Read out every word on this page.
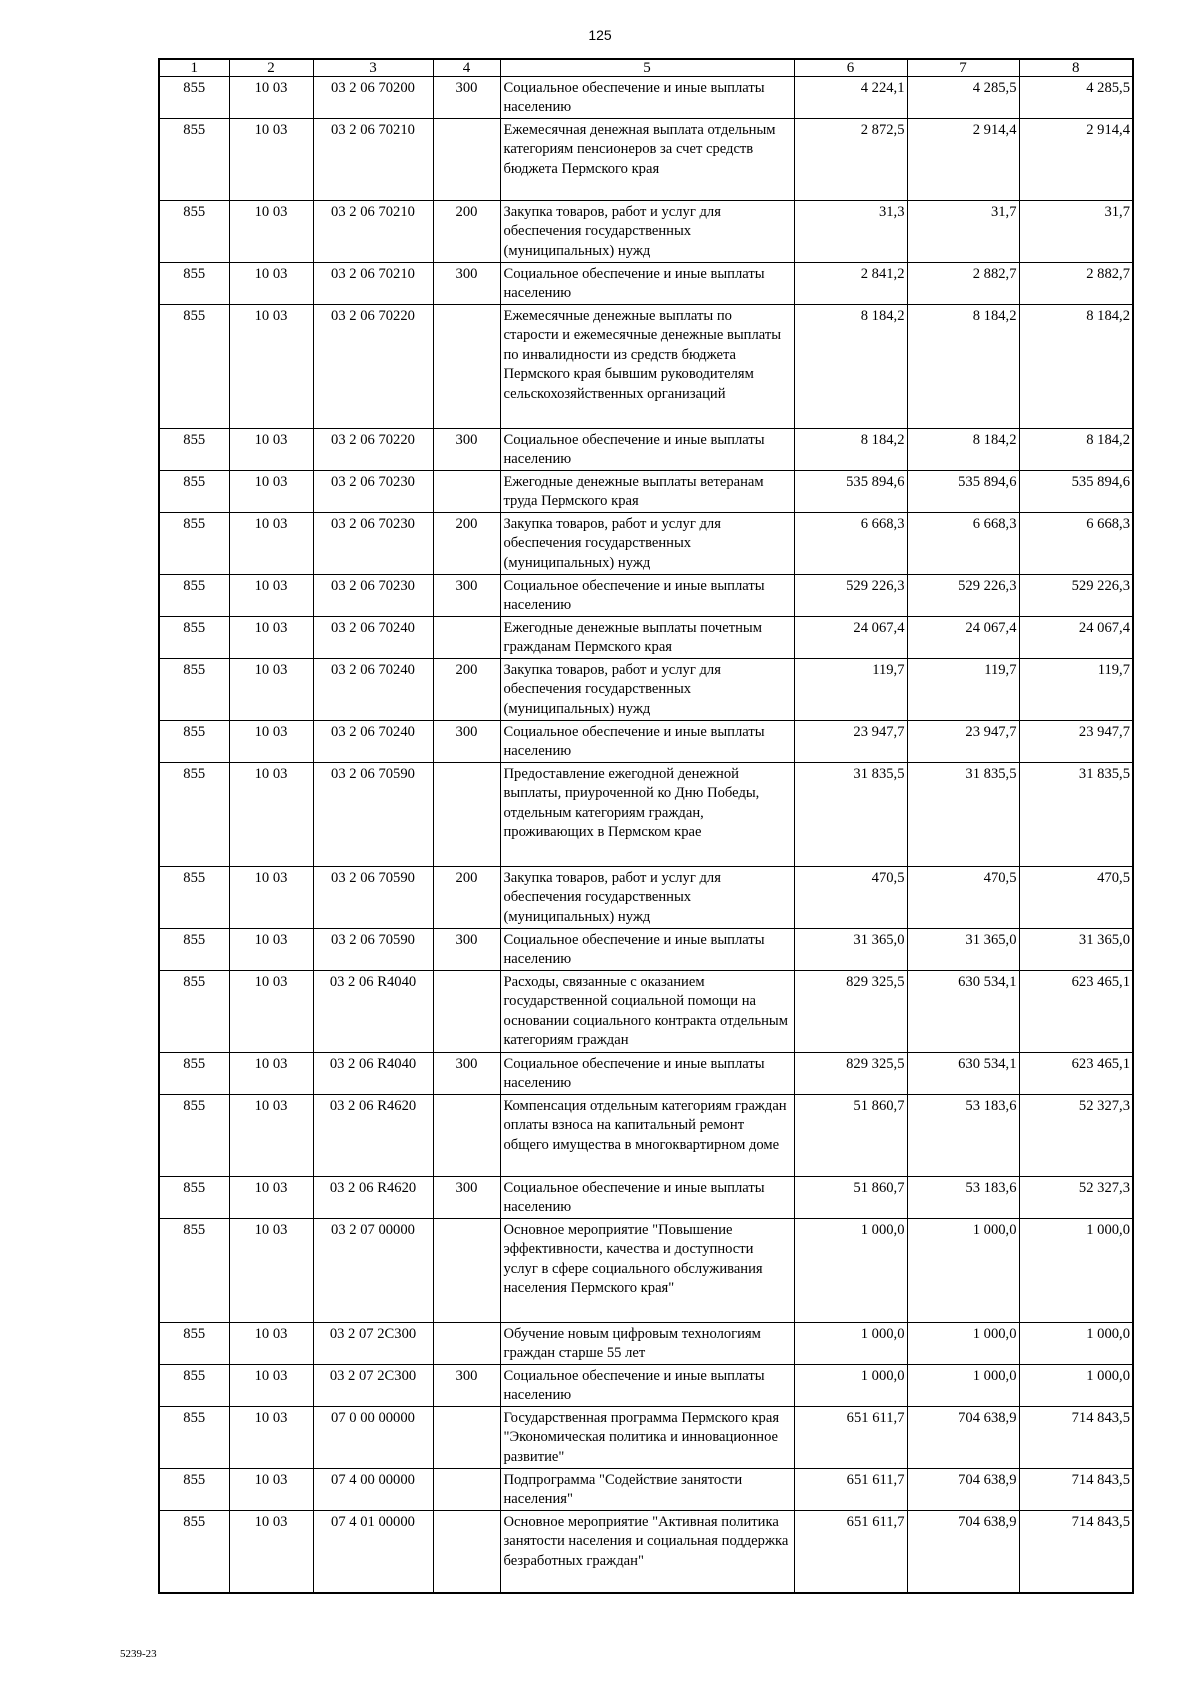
125
1	2	3	4	5	6	7	8
855	10 03	03 2 06 70200	300	Социальное обеспечение и иные выплаты населению	4 224,1	4 285,5	4 285,5
855	10 03	03 2 06 70210		Ежемесячная денежная выплата отдельным категориям пенсионеров за счет средств бюджета Пермского края	2 872,5	2 914,4	2 914,4
855	10 03	03 2 06 70210	200	Закупка товаров, работ и услуг для обеспечения государственных (муниципальных) нужд	31,3	31,7	31,7
855	10 03	03 2 06 70210	300	Социальное обеспечение и иные выплаты населению	2 841,2	2 882,7	2 882,7
855	10 03	03 2 06 70220		Ежемесячные денежные выплаты по старости и ежемесячные денежные выплаты по инвалидности из средств бюджета Пермского края бывшим руководителям сельскохозяйственных организаций	8 184,2	8 184,2	8 184,2
855	10 03	03 2 06 70220	300	Социальное обеспечение и иные выплаты населению	8 184,2	8 184,2	8 184,2
855	10 03	03 2 06 70230		Ежегодные денежные выплаты ветеранам труда Пермского края	535 894,6	535 894,6	535 894,6
855	10 03	03 2 06 70230	200	Закупка товаров, работ и услуг для обеспечения государственных (муниципальных) нужд	6 668,3	6 668,3	6 668,3
855	10 03	03 2 06 70230	300	Социальное обеспечение и иные выплаты населению	529 226,3	529 226,3	529 226,3
855	10 03	03 2 06 70240		Ежегодные денежные выплаты почетным гражданам Пермского края	24 067,4	24 067,4	24 067,4
855	10 03	03 2 06 70240	200	Закупка товаров, работ и услуг для обеспечения государственных (муниципальных) нужд	119,7	119,7	119,7
855	10 03	03 2 06 70240	300	Социальное обеспечение и иные выплаты населению	23 947,7	23 947,7	23 947,7
855	10 03	03 2 06 70590		Предоставление ежегодной денежной выплаты, приуроченной ко Дню Победы, отдельным категориям граждан, проживающих в Пермском крае	31 835,5	31 835,5	31 835,5
855	10 03	03 2 06 70590	200	Закупка товаров, работ и услуг для обеспечения государственных (муниципальных) нужд	470,5	470,5	470,5
855	10 03	03 2 06 70590	300	Социальное обеспечение и иные выплаты населению	31 365,0	31 365,0	31 365,0
855	10 03	03 2 06 R4040		Расходы, связанные с оказанием государственной социальной помощи на основании социального контракта отдельным категориям граждан	829 325,5	630 534,1	623 465,1
855	10 03	03 2 06 R4040	300	Социальное обеспечение и иные выплаты населению	829 325,5	630 534,1	623 465,1
855	10 03	03 2 06 R4620		Компенсация отдельным категориям граждан оплаты взноса на капитальный ремонт общего имущества в многоквартирном доме	51 860,7	53 183,6	52 327,3
855	10 03	03 2 06 R4620	300	Социальное обеспечение и иные выплаты населению	51 860,7	53 183,6	52 327,3
855	10 03	03 2 07 00000		Основное мероприятие "Повышение эффективности, качества и доступности услуг в сфере социального обслуживания населения Пермского края"	1 000,0	1 000,0	1 000,0
855	10 03	03 2 07 2С300		Обучение новым цифровым технологиям граждан старше 55 лет	1 000,0	1 000,0	1 000,0
855	10 03	03 2 07 2С300	300	Социальное обеспечение и иные выплаты населению	1 000,0	1 000,0	1 000,0
855	10 03	07 0 00 00000		Государственная программа Пермского края "Экономическая политика и инновационное развитие"	651 611,7	704 638,9	714 843,5
855	10 03	07 4 00 00000		Подпрограмма "Содействие занятости населения"	651 611,7	704 638,9	714 843,5
855	10 03	07 4 01 00000		Основное мероприятие "Активная политика занятости населения и социальная поддержка безработных граждан"	651 611,7	704 638,9	714 843,5
5239-23
